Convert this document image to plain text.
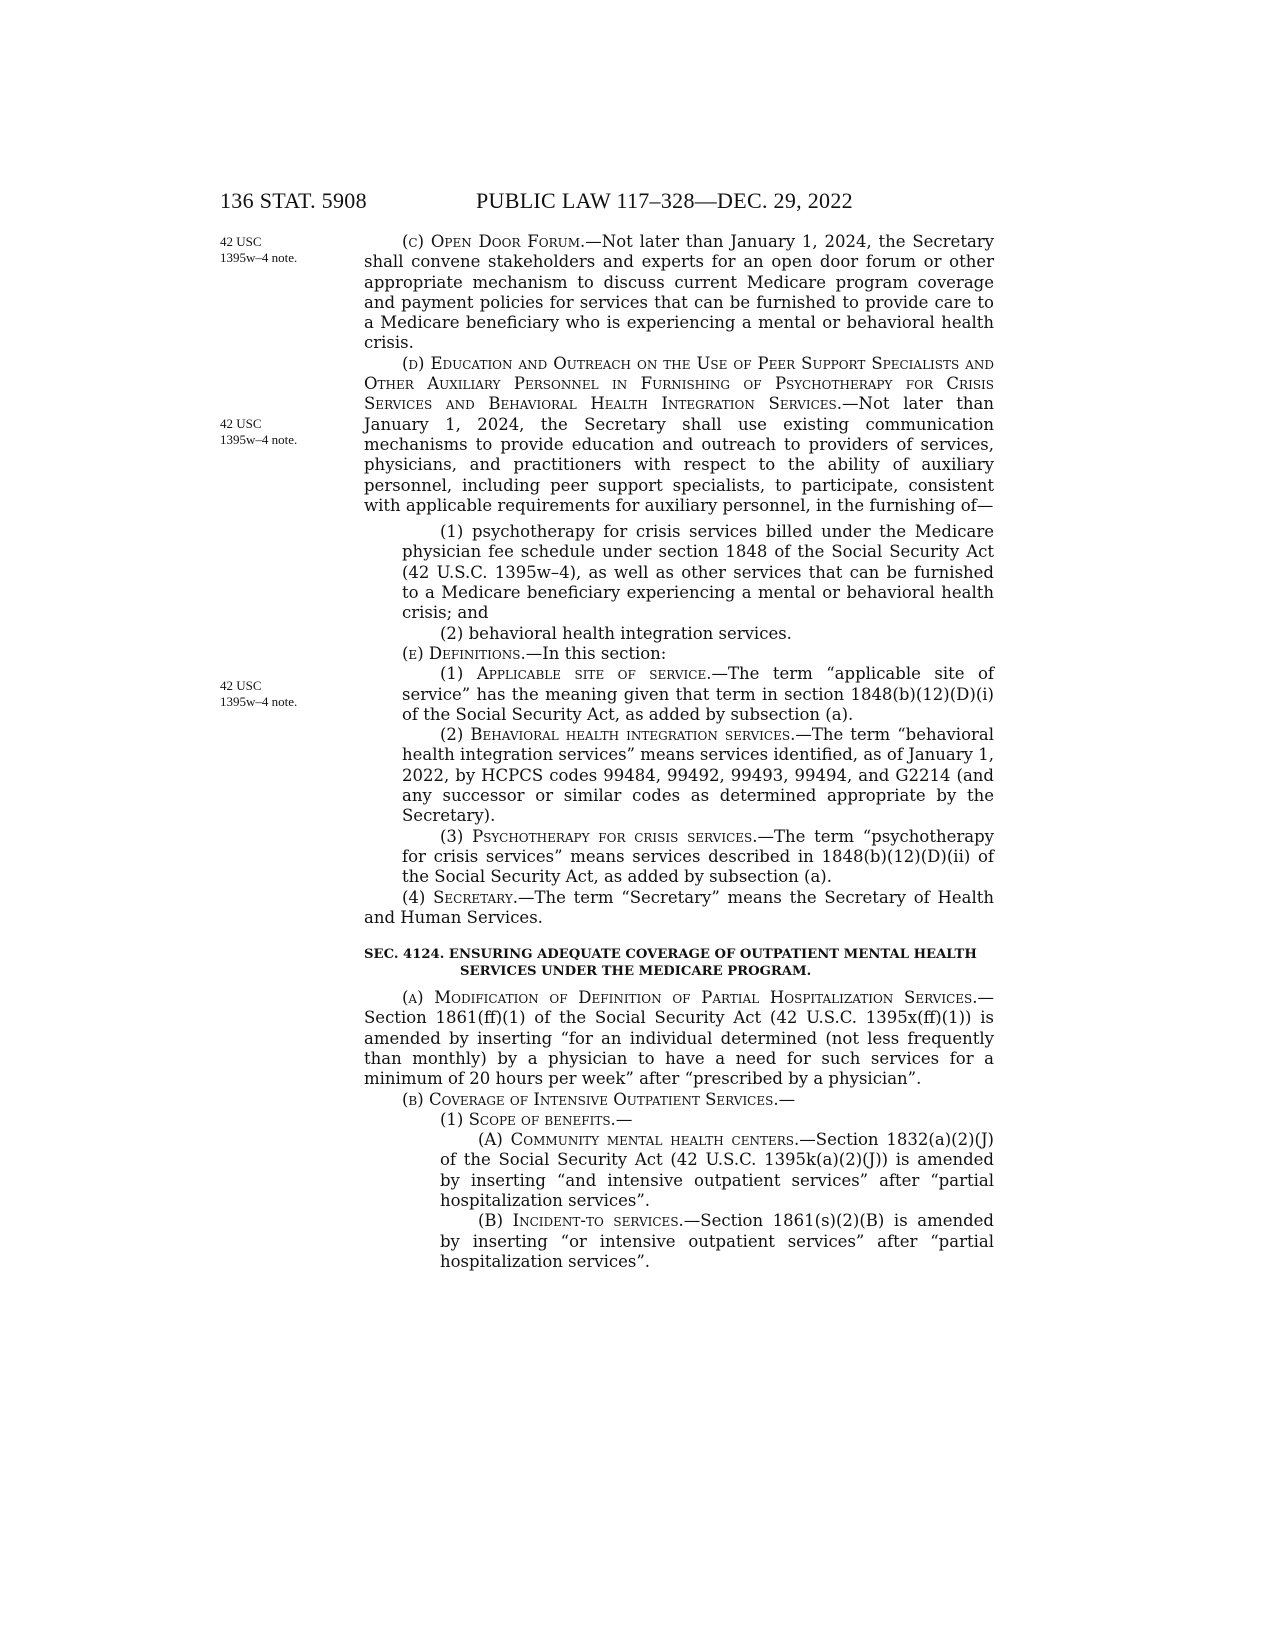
136 STAT. 5908	PUBLIC LAW 117–328—DEC. 29, 2022
42 USC
1395w–4 note.
42 USC
1395w–4 note.
42 USC
1395w–4 note.

(c) Open Door Forum.—Not later than January 1, 2024, the Secretary shall convene stakeholders and experts for an open door forum or other appropriate mechanism to discuss current Medicare program coverage and payment policies for services that can be furnished to provide care to a Medicare beneficiary who is experiencing a mental or behavioral health crisis.

(d) Education and Outreach on the Use of Peer Support Specialists and Other Auxiliary Personnel in Furnishing of Psychotherapy for Crisis Services and Behavioral Health Integration Services.—Not later than January 1, 2024, the Secretary shall use existing communication mechanisms to provide education and outreach to providers of services, physicians, and practitioners with respect to the ability of auxiliary personnel, including peer support specialists, to participate, consistent with applicable requirements for auxiliary personnel, in the furnishing of—

(1) psychotherapy for crisis services billed under the Medicare physician fee schedule under section 1848 of the Social Security Act (42 U.S.C. 1395w–4), as well as other services that can be furnished to a Medicare beneficiary experiencing a mental or behavioral health crisis; and

(2) behavioral health integration services.

(e) Definitions.—In this section:

(1) Applicable site of service.—The term “applicable site of service” has the meaning given that term in section 1848(b)(12)(D)(i) of the Social Security Act, as added by subsection (a).

(2) Behavioral health integration services.—The term “behavioral health integration services” means services identified, as of January 1, 2022, by HCPCS codes 99484, 99492, 99493, 99494, and G2214 (and any successor or similar codes as determined appropriate by the Secretary).

(3) Psychotherapy for crisis services.—The term “psychotherapy for crisis services” means services described in 1848(b)(12)(D)(ii) of the Social Security Act, as added by subsection (a).

(4) Secretary.—The term “Secretary” means the Secretary of Health and Human Services.

SEC. 4124. ENSURING ADEQUATE COVERAGE OF OUTPATIENT MENTAL HEALTH SERVICES UNDER THE MEDICARE PROGRAM.

(a) Modification of Definition of Partial Hospitalization Services.—Section 1861(ff)(1) of the Social Security Act (42 U.S.C. 1395x(ff)(1)) is amended by inserting “for an individual determined (not less frequently than monthly) by a physician to have a need for such services for a minimum of 20 hours per week” after “prescribed by a physician”.

(b) Coverage of Intensive Outpatient Services.—

(1) Scope of benefits.—

(A) Community mental health centers.—Section 1832(a)(2)(J) of the Social Security Act (42 U.S.C. 1395k(a)(2)(J)) is amended by inserting “and intensive outpatient services” after “partial hospitalization services”.

(B) Incident-to services.—Section 1861(s)(2)(B) is amended by inserting “or intensive outpatient services” after “partial hospitalization services”.
